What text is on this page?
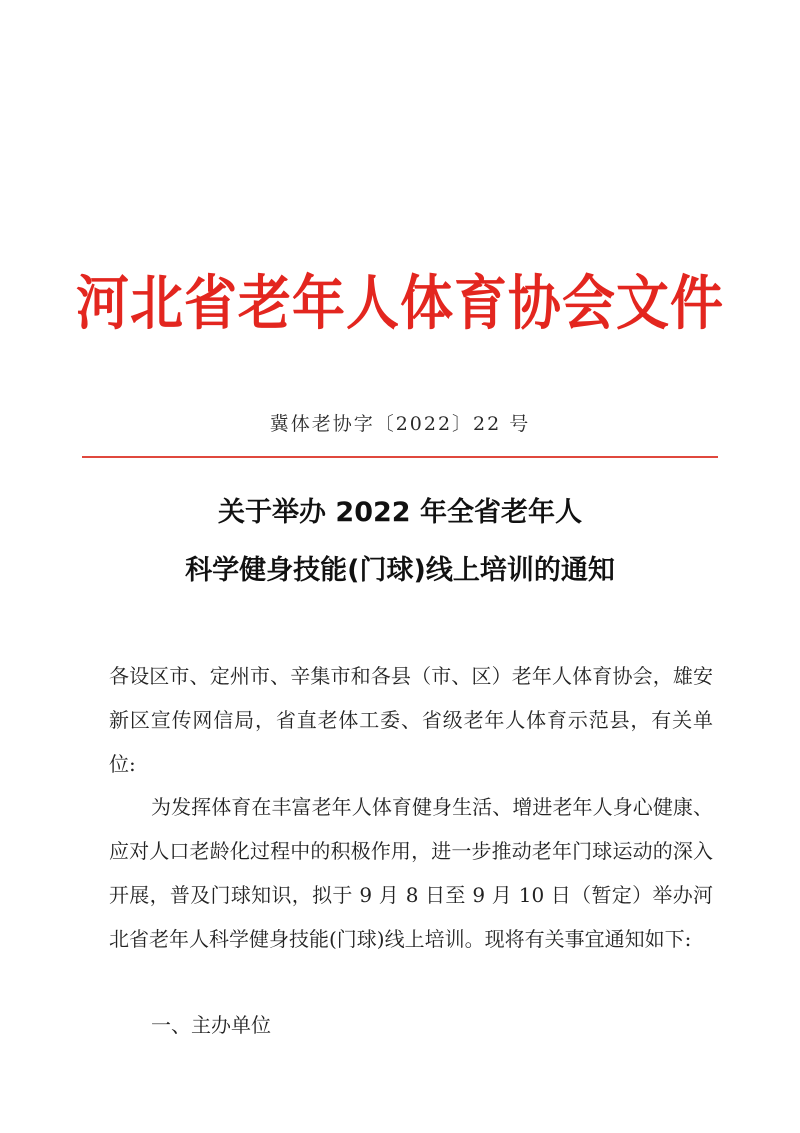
河北省老年人体育协会文件
冀体老协字〔2022〕22 号
关于举办 2022 年全省老年人
科学健身技能(门球)线上培训的通知
各设区市、定州市、辛集市和各县（市、区）老年人体育协会，雄安新区宣传网信局，省直老体工委、省级老年人体育示范县，有关单位:
为发挥体育在丰富老年人体育健身生活、增进老年人身心健康、应对人口老龄化过程中的积极作用，进一步推动老年门球运动的深入开展，普及门球知识，拟于 9 月 8 日至 9 月 10 日（暂定）举办河北省老年人科学健身技能(门球)线上培训。现将有关事宜通知如下:
一、主办单位
